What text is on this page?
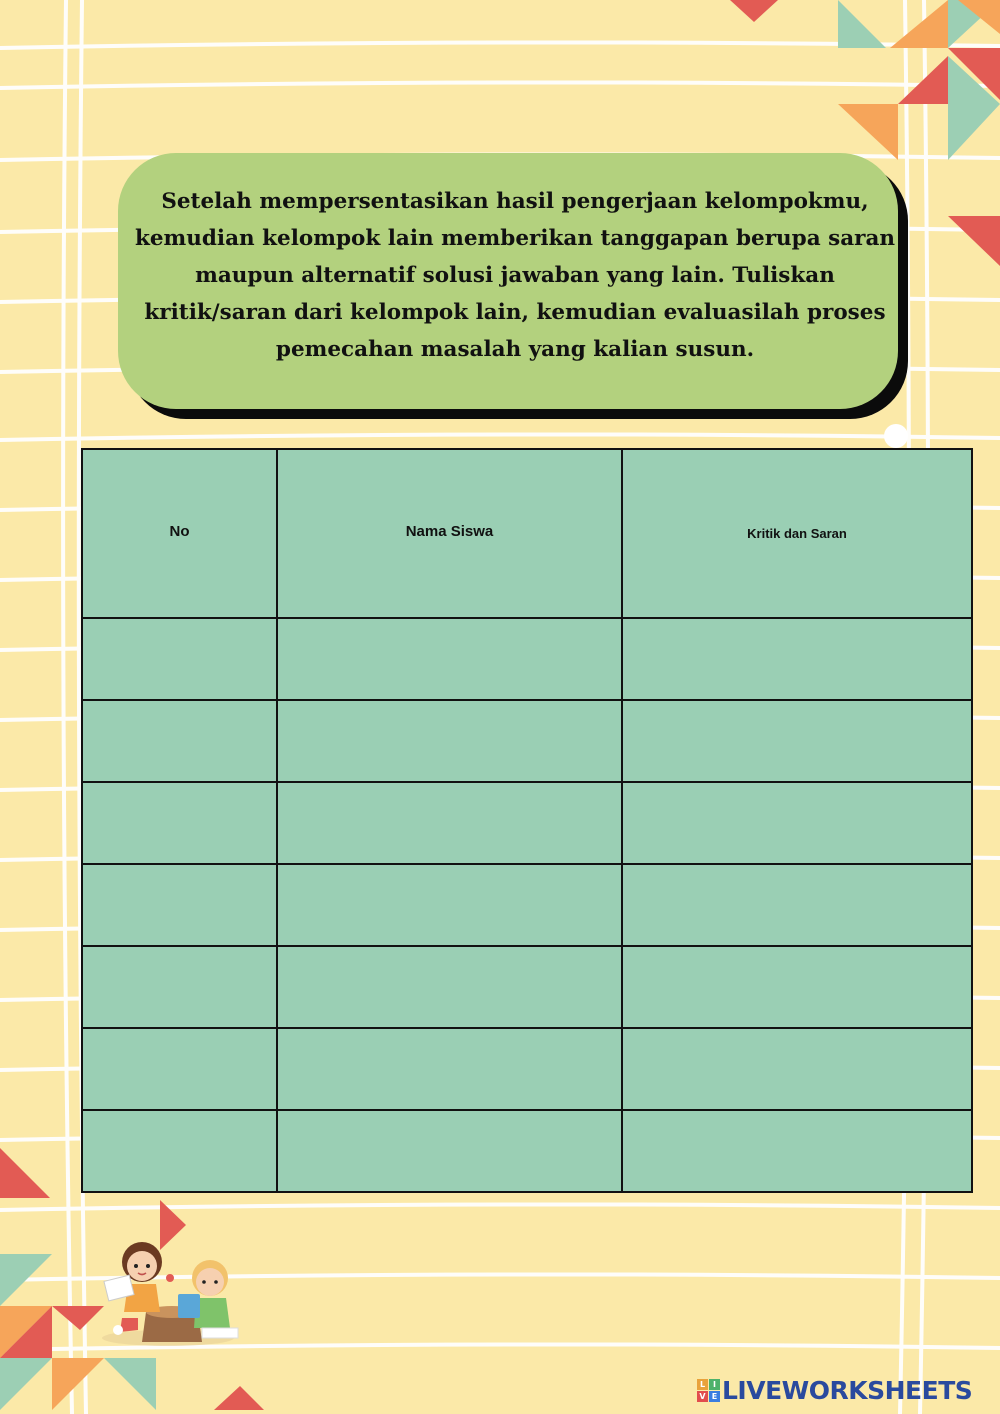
Setelah mempersentasikan hasil pengerjaan kelompokmu, kemudian kelompok lain memberikan tanggapan berupa saran maupun alternatif solusi jawaban yang lain. Tuliskan kritik/saran dari kelompok lain, kemudian evaluasilah proses pemecahan masalah yang kalian susun.

No	Nama Siswa	Kritik dan Saran

L I
V E LIVEWORKSHEETS
